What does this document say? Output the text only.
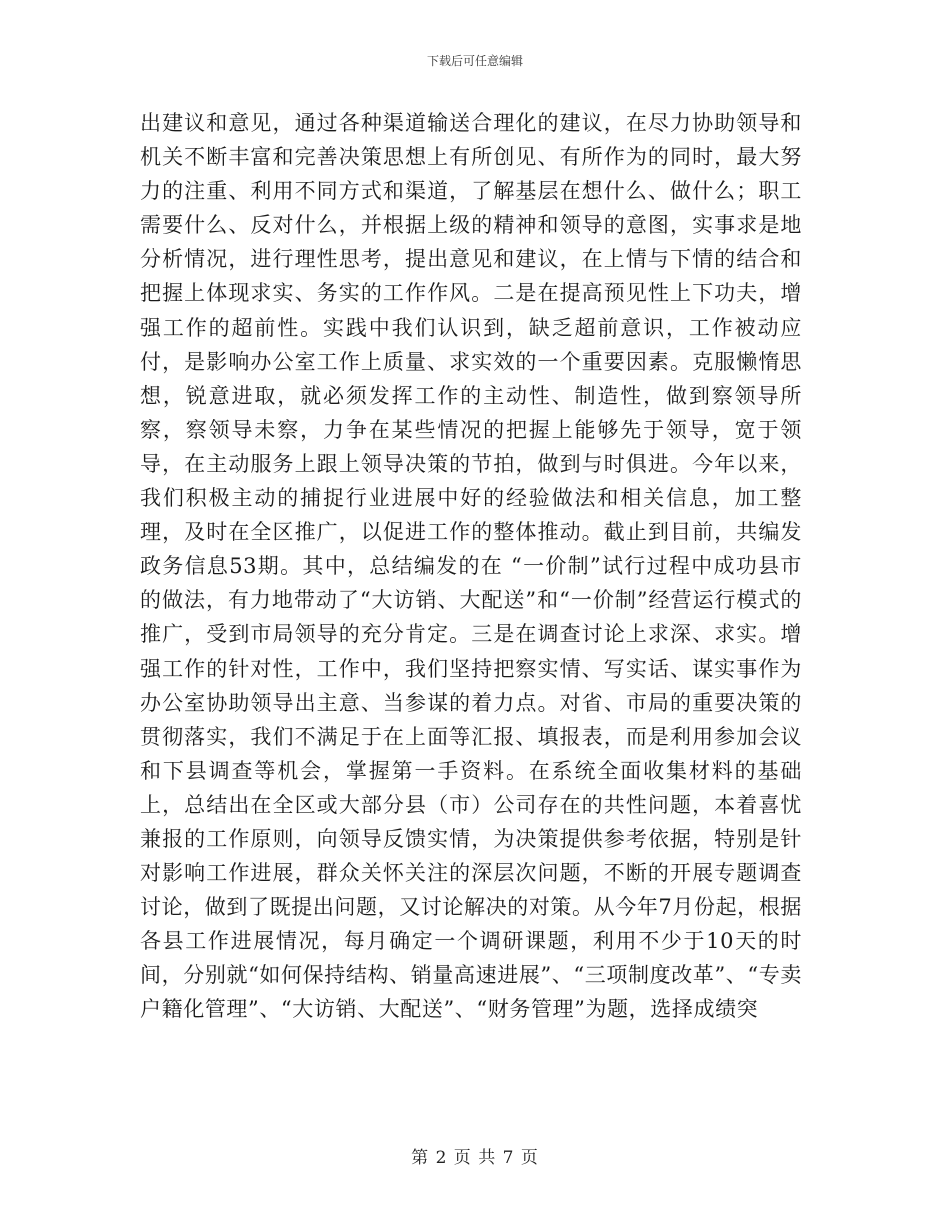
下载后可任意编辑

出建议和意见，通过各种渠道输送合理化的建议，在尽力协助领导和机关不断丰富和完善决策思想上有所创见、有所作为的同时，最大努力的注重、利用不同方式和渠道，了解基层在想什么、做什么；职工需要什么、反对什么，并根据上级的精神和领导的意图，实事求是地分析情况，进行理性思考，提出意见和建议，在上情与下情的结合和把握上体现求实、务实的工作作风。二是在提高预见性上下功夫，增强工作的超前性。实践中我们认识到，缺乏超前意识，工作被动应付，是影响办公室工作上质量、求实效的一个重要因素。克服懒惰思想，锐意进取，就必须发挥工作的主动性、制造性，做到察领导所察，察领导未察，力争在某些情况的把握上能够先于领导，宽于领导，在主动服务上跟上领导决策的节拍，做到与时俱进。今年以来，我们积极主动的捕捉行业进展中好的经验做法和相关信息，加工整理，及时在全区推广，以促进工作的整体推动。截止到目前，共编发政务信息53期。其中，总结编发的在 “一价制”试行过程中成功县市的做法，有力地带动了“大访销、大配送”和“一价制”经营运行模式的推广，受到市局领导的充分肯定。三是在调查讨论上求深、求实。增强工作的针对性，工作中，我们坚持把察实情、写实话、谋实事作为办公室协助领导出主意、当参谋的着力点。对省、市局的重要决策的贯彻落实，我们不满足于在上面等汇报、填报表，而是利用参加会议和下县调查等机会，掌握第一手资料。在系统全面收集材料的基础上，总结出在全区或大部分县（市）公司存在的共性问题，本着喜忧兼报的工作原则，向领导反馈实情，为决策提供参考依据，特别是针对影响工作进展，群众关怀关注的深层次问题，不断的开展专题调查讨论，做到了既提出问题，又讨论解决的对策。从今年7月份起，根据各县工作进展情况，每月确定一个调研课题，利用不少于10天的时间，分别就“如何保持结构、销量高速进展”、“三项制度改革”、“专卖户籍化管理”、“大访销、大配送”、“财务管理”为题，选择成绩突

第 2 页 共 7 页
